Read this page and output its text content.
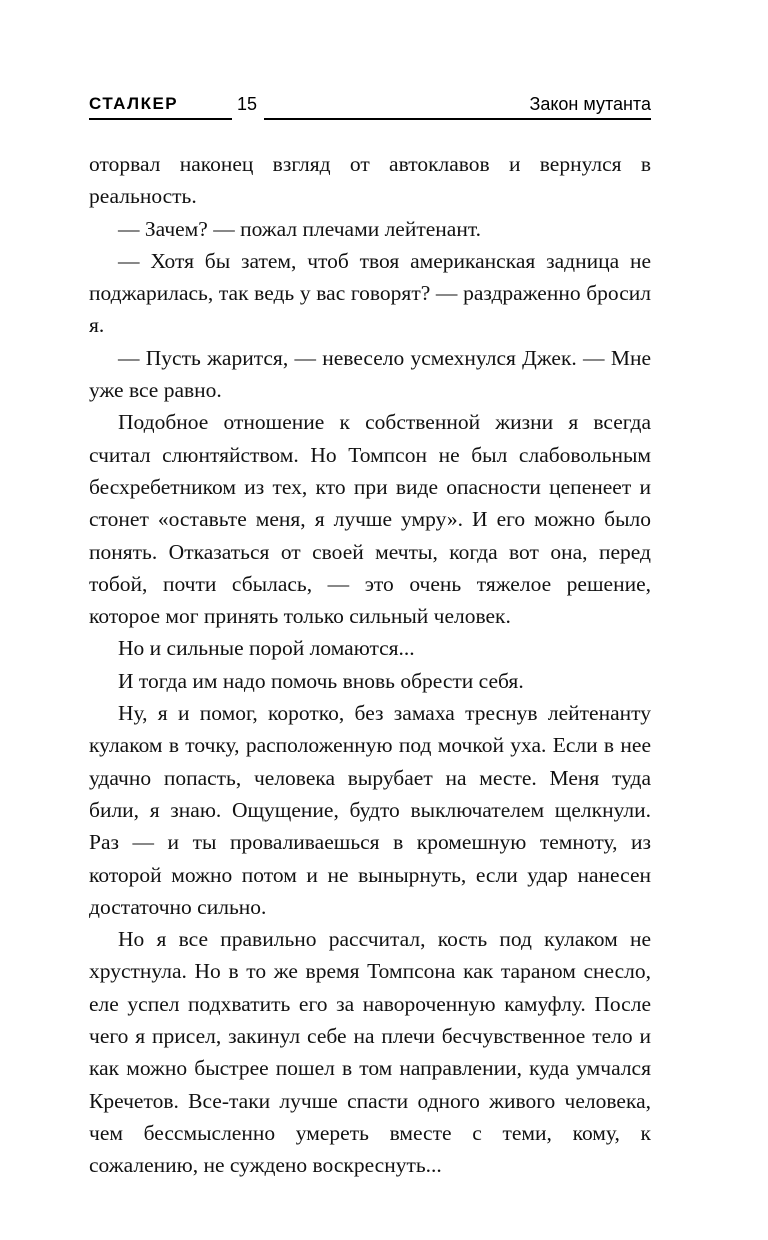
СТАЛКЕР	15	Закон мутанта

оторвал наконец взгляд от автоклавов и вернулся в реальность.

— Зачем? — пожал плечами лейтенант.

— Хотя бы затем, чтоб твоя американская задница не поджарилась, так ведь у вас говорят? — раздраженно бросил я.

— Пусть жарится, — невесело усмехнулся Джек. — Мне уже все равно.

Подобное отношение к собственной жизни я всегда считал слюнтяйством. Но Томпсон не был слабовольным бесхребетником из тех, кто при виде опасности цепенеет и стонет «оставьте меня, я лучше умру». И его можно было понять. Отказаться от своей мечты, когда вот она, перед тобой, почти сбылась, — это очень тяжелое решение, которое мог принять только сильный человек.

Но и сильные порой ломаются...

И тогда им надо помочь вновь обрести себя.

Ну, я и помог, коротко, без замаха треснув лейтенанту кулаком в точку, расположенную под мочкой уха. Если в нее удачно попасть, человека вырубает на месте. Меня туда били, я знаю. Ощущение, будто выключателем щелкнули. Раз — и ты проваливаешься в кромешную темноту, из которой можно потом и не вынырнуть, если удар нанесен достаточно сильно.

Но я все правильно рассчитал, кость под кулаком не хрустнула. Но в то же время Томпсона как тараном снесло, еле успел подхватить его за навороченную камуфлу. После чего я присел, закинул себе на плечи бесчувственное тело и как можно быстрее пошел в том направлении, куда умчался Кречетов. Все-таки лучше спасти одного живого человека, чем бессмысленно умереть вместе с теми, кому, к сожалению, не суждено воскреснуть...
